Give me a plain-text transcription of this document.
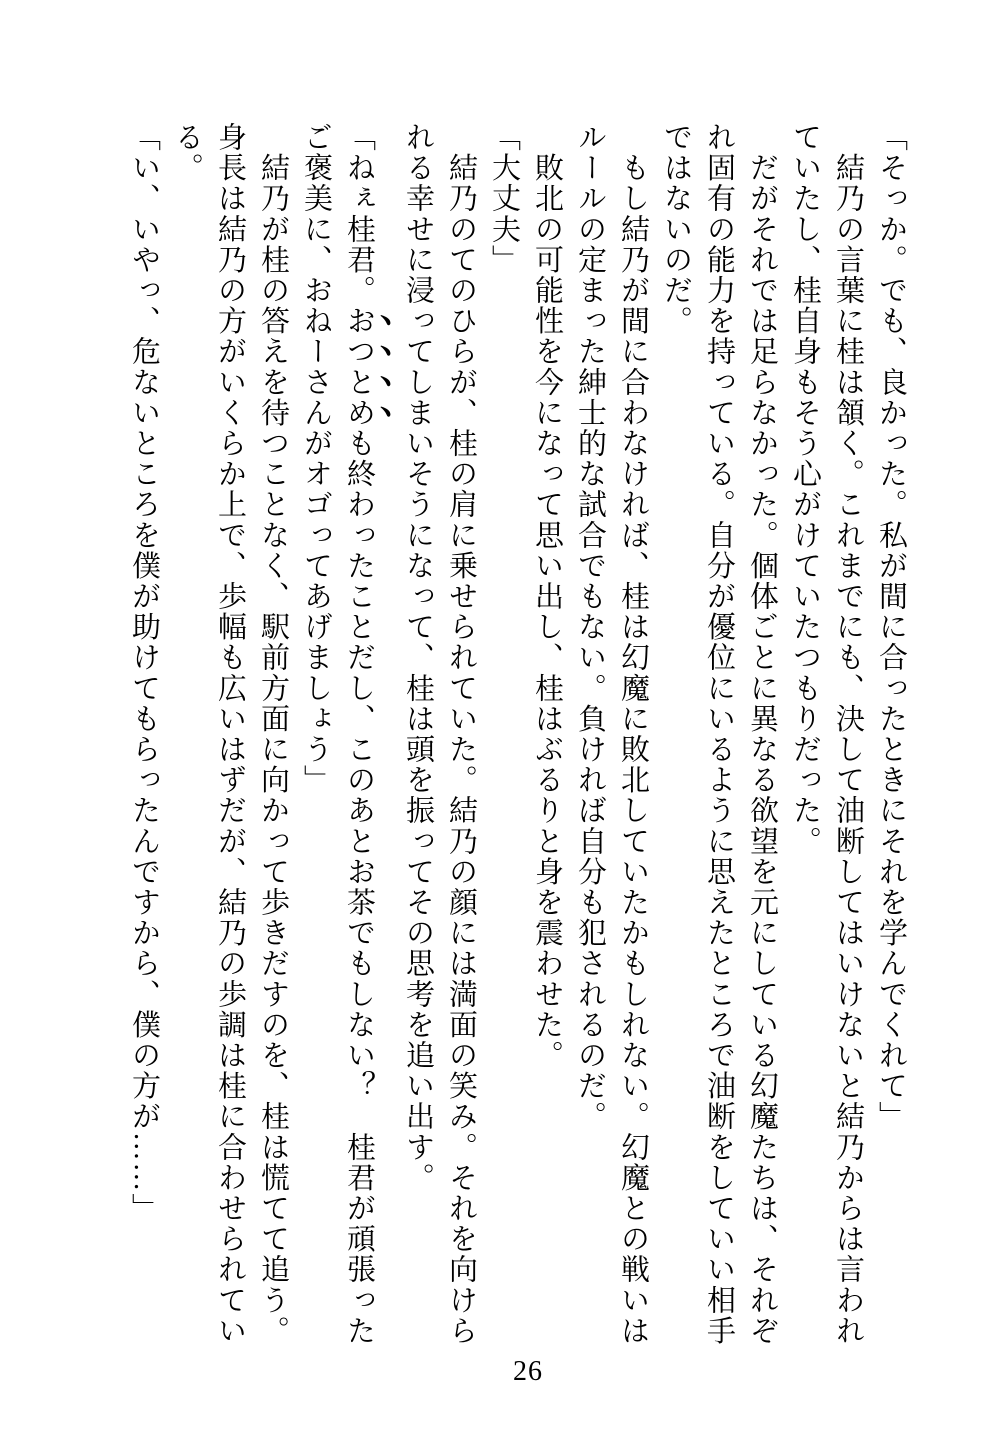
「そっか。でも、良かった。私が間に合ったときにそれを学んでくれて」
　結乃の言葉に桂は頷く。これまでにも、決して油断してはいけないと結乃からは言われ
ていたし、桂自身もそう心がけていたつもりだった。
　だがそれでは足らなかった。個体ごとに異なる欲望を元にしている幻魔たちは、それぞ
れ固有の能力を持っている。自分が優位にいるように思えたところで油断をしていい相手
ではないのだ。
　もし結乃が間に合わなければ、桂は幻魔に敗北していたかもしれない。幻魔との戦いは
ルールの定まった紳士的な試合でもない。負ければ自分も犯されるのだ。
　敗北の可能性を今になって思い出し、桂はぶるりと身を震わせた。
「大丈夫」
　結乃のてのひらが、桂の肩に乗せられていた。結乃の顔には満面の笑み。それを向けら
れる幸せに浸ってしまいそうになって、桂は頭を振ってその思考を追い出す。
「ねぇ桂君。おつとめも終わったことだし、このあとお茶でもしない？　桂君が頑張った
ご褒美に、おねーさんがオゴってあげましょう」
　結乃が桂の答えを待つことなく、駅前方面に向かって歩きだすのを、桂は慌てて追う。
身長は結乃の方がいくらか上で、歩幅も広いはずだが、結乃の歩調は桂に合わせられてい
る。
「い、いやっ、危ないところを僕が助けてもらったんですから、僕の方が……」
26
